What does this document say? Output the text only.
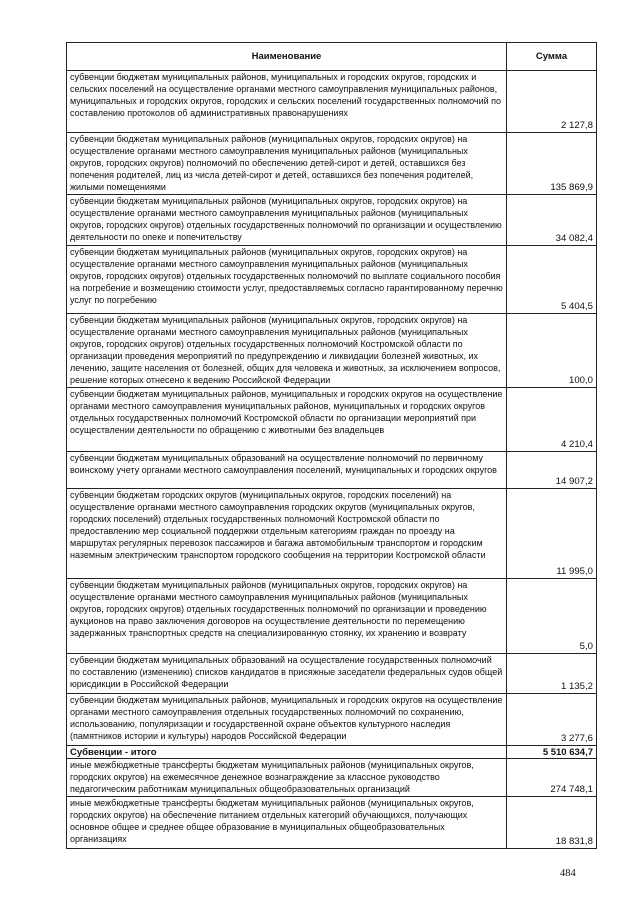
Наименование	Сумма
субвенции бюджетам муниципальных районов, муниципальных и городских округов, городских и сельских поселений на осуществление органами местного самоуправления муниципальных районов, муниципальных и городских округов, городских и сельских поселений государственных полномочий по составлению протоколов об административных правонарушениях	2 127,8
субвенции бюджетам муниципальных районов (муниципальных округов, городских округов) на осуществление органами местного самоуправления муниципальных районов (муниципальных округов, городских округов) полномочий по обеспечению детей-сирот и детей, оставшихся без попечения родителей, лиц из числа детей-сирот и детей, оставшихся без попечения родителей, жилыми помещениями	135 869,9
субвенции бюджетам муниципальных районов (муниципальных округов, городских округов) на осуществление органами местного самоуправления муниципальных районов (муниципальных округов, городских округов) отдельных государственных полномочий по организации и осуществлению деятельности по опеке и попечительству	34 082,4
субвенции бюджетам муниципальных районов (муниципальных округов, городских округов) на осуществление органами местного самоуправления муниципальных районов (муниципальных округов, городских округов) отдельных государственных полномочий по выплате социального пособия на погребение и возмещению стоимости услуг, предоставляемых согласно гарантированному перечню услуг по погребению	5 404,5
субвенции бюджетам муниципальных районов (муниципальных округов, городских округов) на осуществление органами местного самоуправления муниципальных районов (муниципальных округов, городских округов) отдельных государственных полномочий Костромской области по организации проведения мероприятий по предупреждению и ликвидации болезней животных, их лечению, защите населения от болезней, общих для человека и животных, за исключением вопросов, решение которых отнесено к ведению Российской Федерации	100,0
субвенции бюджетам муниципальных районов, муниципальных и городских округов на осуществление органами местного самоуправления муниципальных районов, муниципальных и городских округов отдельных государственных полномочий Костромской области по организации мероприятий при осуществлении деятельности по обращению с животными без владельцев	4 210,4
субвенции бюджетам муниципальных образований на осуществление полномочий по первичному воинскому учету органами местного самоуправления поселений, муниципальных и городских округов	14 907,2
субвенции бюджетам городских округов (муниципальных округов, городских поселений) на осуществление органами местного самоуправления городских округов (муниципальных округов, городских поселений) отдельных государственных полномочий Костромской области по предоставлению мер социальной поддержки отдельным категориям граждан по проезду на маршрутах регулярных перевозок пассажиров и багажа автомобильным транспортом и городским наземным электрическим транспортом городского сообщения на территории Костромской области	11 995,0
субвенции бюджетам муниципальных районов (муниципальных округов, городских округов) на осуществление органами местного самоуправления муниципальных районов (муниципальных округов, городских округов) отдельных государственных полномочий по организации и проведению аукционов на право заключения договоров на осуществление деятельности по перемещению задержанных транспортных средств на специализированную стоянку, их хранению и возврату	5,0
субвенции бюджетам муниципальных образований на осуществление государственных полномочий по составлению (изменению) списков кандидатов в присяжные заседатели федеральных судов общей юрисдикции в Российской Федерации	1 135,2
субвенции бюджетам муниципальных районов, муниципальных и городских округов на осуществление органами местного самоуправления отдельных государственных полномочий по сохранению, использованию, популяризации и государственной охране объектов культурного наследия (памятников истории и культуры) народов Российской Федерации	3 277,6
Субвенции - итого	5 510 634,7
иные межбюджетные трансферты бюджетам муниципальных районов (муниципальных округов, городских округов) на ежемесячное денежное вознаграждение за классное руководство педагогическим работникам муниципальных общеобразовательных организаций	274 748,1
иные межбюджетные трансферты бюджетам муниципальных районов (муниципальных округов, городских округов) на обеспечение питанием отдельных категорий обучающихся, получающих основное общее и среднее общее образование в муниципальных общеобразовательных организациях	18 831,8
484
